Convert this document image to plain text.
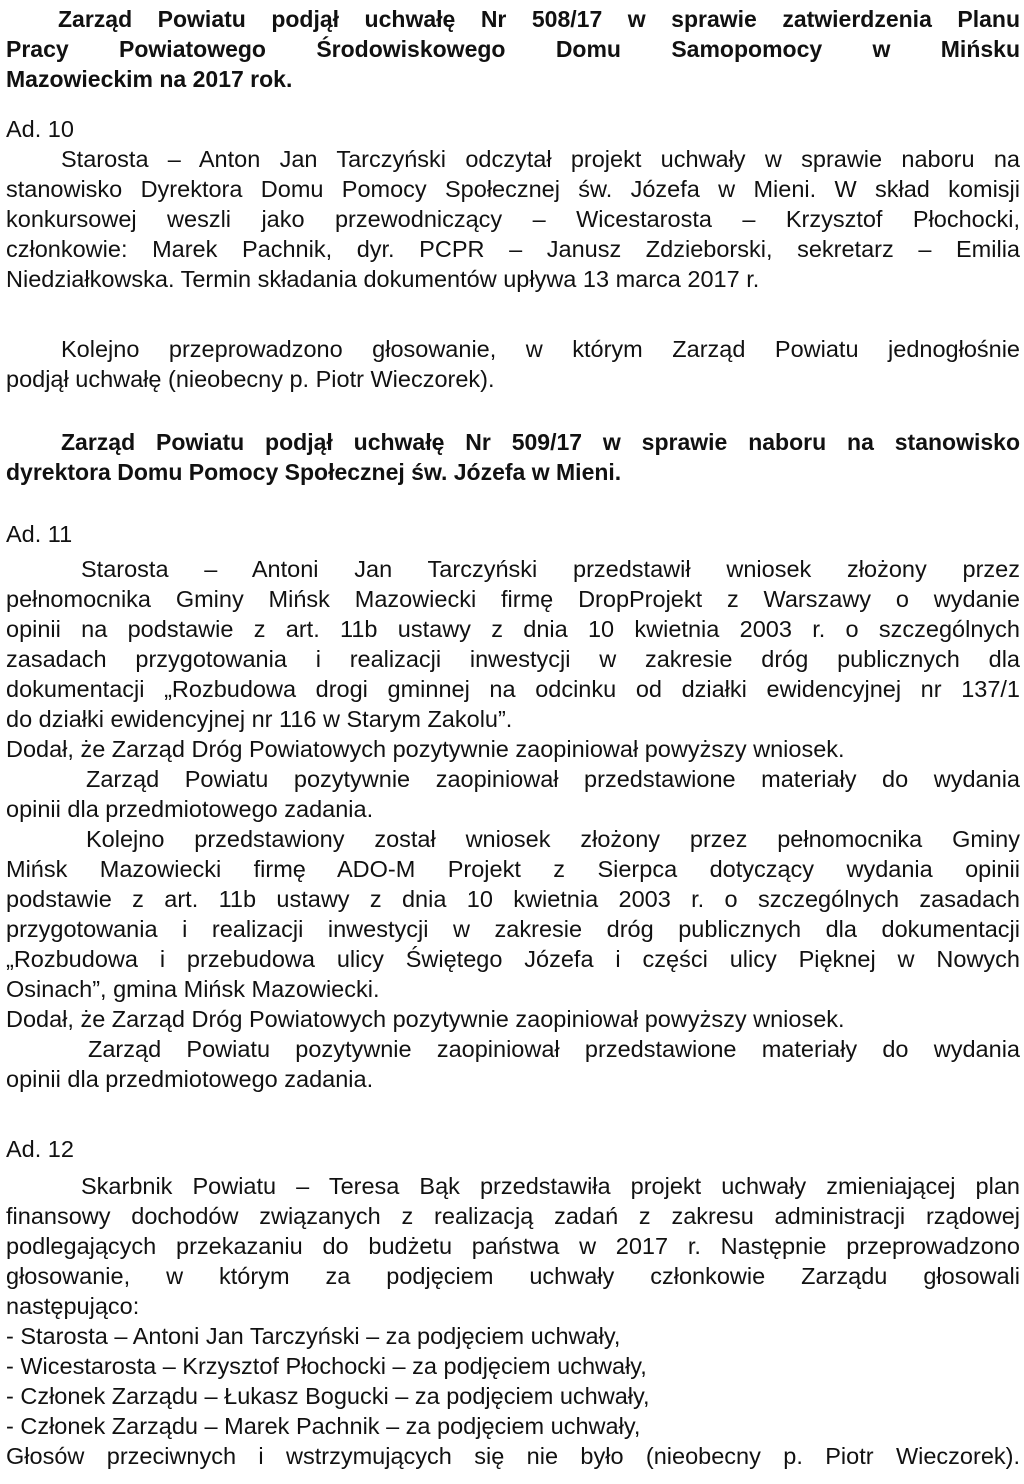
Zarząd Powiatu podjął uchwałę Nr 508/17 w sprawie zatwierdzenia Planu
Pracy Powiatowego Środowiskowego Domu Samopomocy w Mińsku
Mazowieckim na 2017 rok.
Ad. 10
Starosta – Anton Jan Tarczyński odczytał projekt uchwały w sprawie naboru na
stanowisko Dyrektora Domu Pomocy Społecznej św. Józefa w Mieni. W skład komisji
konkursowej weszli jako przewodniczący – Wicestarosta – Krzysztof Płochocki,
członkowie: Marek Pachnik, dyr. PCPR – Janusz Zdzieborski, sekretarz – Emilia
Niedziałkowska. Termin składania dokumentów upływa 13 marca 2017 r.
Kolejno przeprowadzono głosowanie, w którym Zarząd Powiatu jednogłośnie
podjął uchwałę (nieobecny p. Piotr Wieczorek).
Zarząd Powiatu podjął uchwałę Nr 509/17 w sprawie naboru na stanowisko
dyrektora Domu Pomocy Społecznej św. Józefa w Mieni.
Ad. 11
Starosta – Antoni Jan Tarczyński przedstawił wniosek złożony przez
pełnomocnika Gminy Mińsk Mazowiecki firmę DropProjekt z Warszawy o wydanie
opinii na podstawie z art. 11b ustawy z dnia 10 kwietnia 2003 r. o szczególnych
zasadach przygotowania i realizacji inwestycji w zakresie dróg publicznych dla
dokumentacji „Rozbudowa drogi gminnej na odcinku od działki ewidencyjnej nr 137/1
do działki ewidencyjnej nr 116 w Starym Zakolu”.
Dodał, że Zarząd Dróg Powiatowych pozytywnie zaopiniował powyższy wniosek.
Zarząd Powiatu pozytywnie zaopiniował przedstawione materiały do wydania
opinii dla przedmiotowego zadania.
Kolejno przedstawiony został wniosek złożony przez pełnomocnika Gminy
Mińsk Mazowiecki firmę ADO-M Projekt z Sierpca dotyczący wydania opinii
podstawie z art. 11b ustawy z dnia 10 kwietnia 2003 r. o szczególnych zasadach
przygotowania i realizacji inwestycji w zakresie dróg publicznych dla dokumentacji
„Rozbudowa i przebudowa ulicy Świętego Józefa i części ulicy Pięknej w Nowych
Osinach”, gmina Mińsk Mazowiecki.
Dodał, że Zarząd Dróg Powiatowych pozytywnie zaopiniował powyższy wniosek.
Zarząd Powiatu pozytywnie zaopiniował przedstawione materiały do wydania
opinii dla przedmiotowego zadania.
Ad. 12
Skarbnik Powiatu – Teresa Bąk przedstawiła projekt uchwały zmieniającej plan
finansowy dochodów związanych z realizacją zadań z zakresu administracji rządowej
podlegających przekazaniu do budżetu państwa w 2017 r. Następnie przeprowadzono
głosowanie, w którym za podjęciem uchwały członkowie Zarządu głosowali
następująco:
- Starosta – Antoni Jan Tarczyński – za podjęciem uchwały,
- Wicestarosta – Krzysztof Płochocki – za podjęciem uchwały,
- Członek Zarządu – Łukasz Bogucki – za podjęciem uchwały,
- Członek Zarządu – Marek Pachnik – za podjęciem uchwały,
Głosów przeciwnych i wstrzymujących się nie było (nieobecny p. Piotr Wieczorek).
